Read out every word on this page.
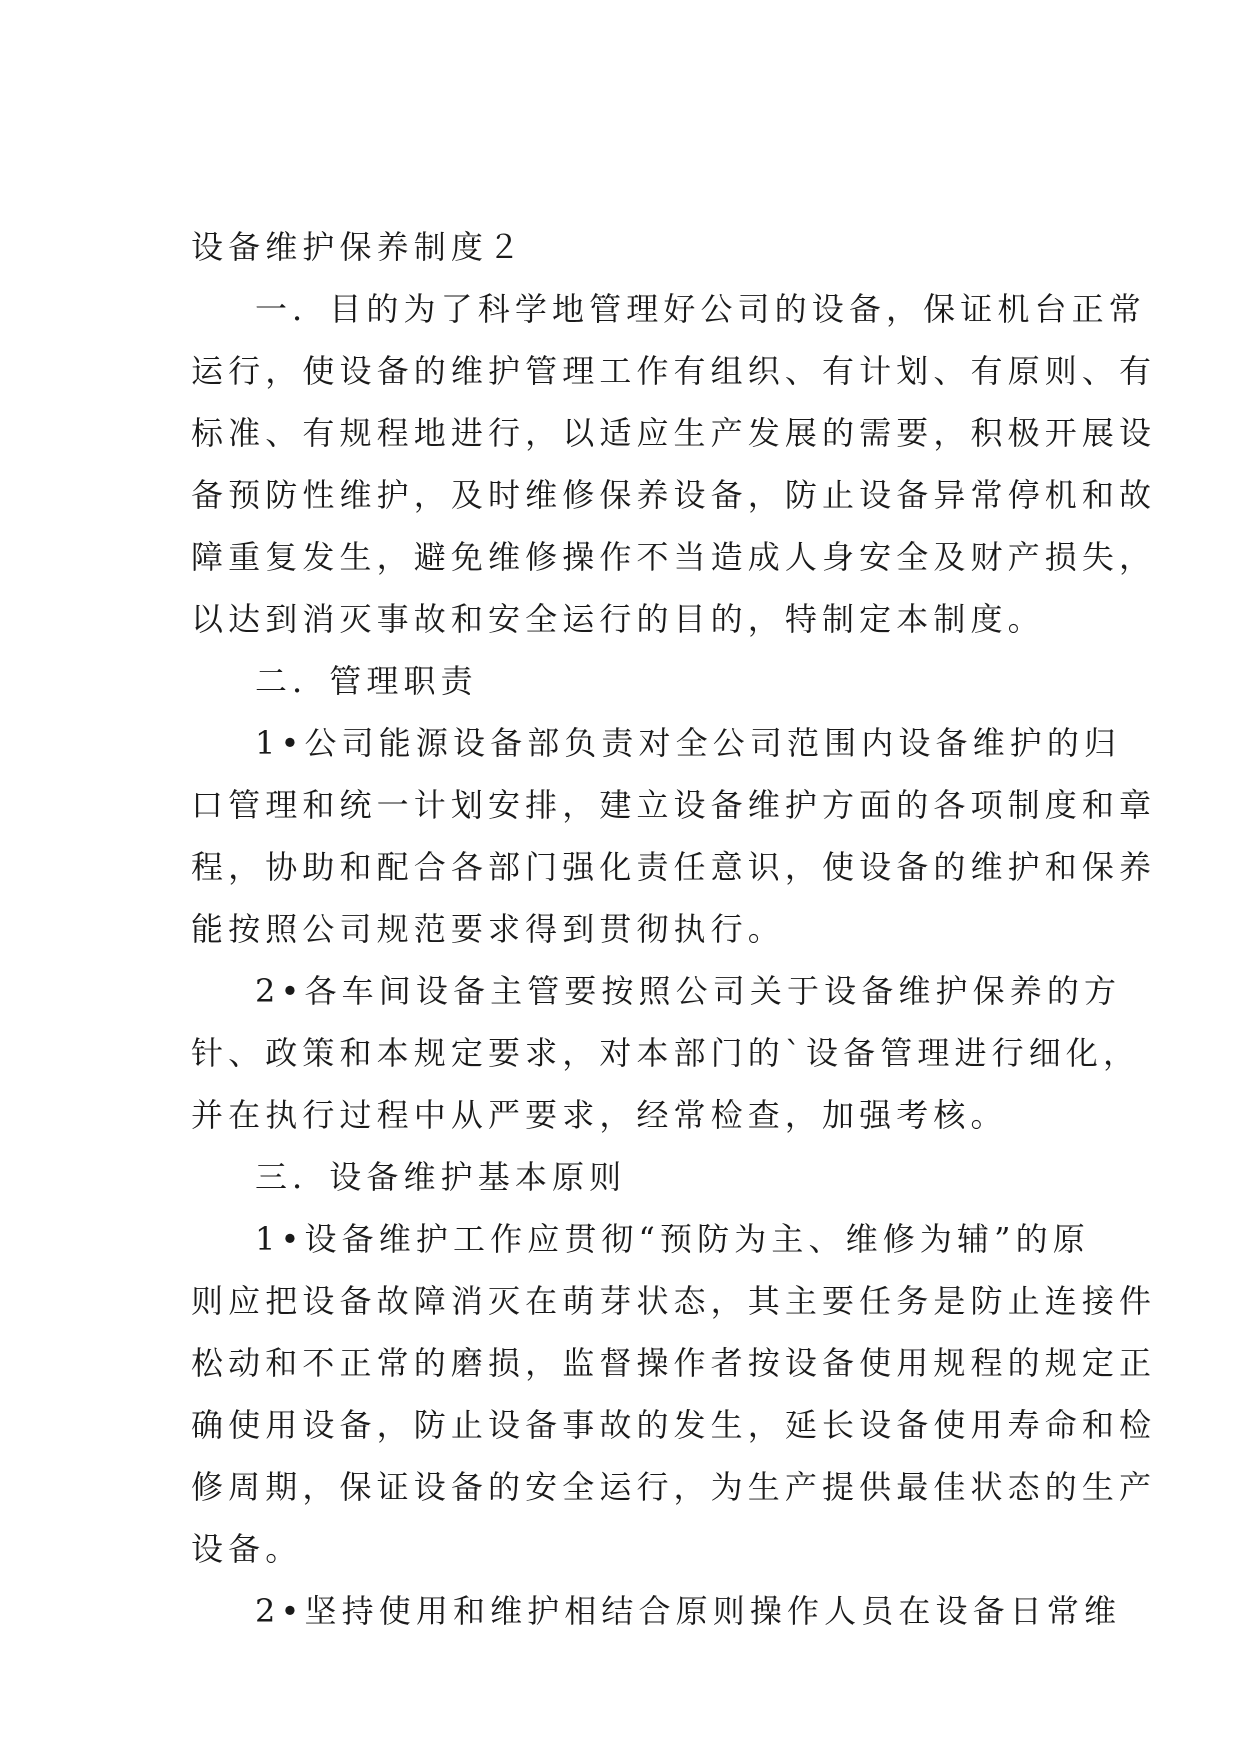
设备维护保养制度２
一．目的为了科学地管理好公司的设备，保证机台正常
运行，使设备的维护管理工作有组织、有计划、有原则、有
标准、有规程地进行，以适应生产发展的需要，积极开展设
备预防性维护，及时维修保养设备，防止设备异常停机和故
障重复发生，避免维修操作不当造成人身安全及财产损失，
以达到消灭事故和安全运行的目的，特制定本制度。
二．管理职责
1•公司能源设备部负责对全公司范围内设备维护的归
口管理和统一计划安排，建立设备维护方面的各项制度和章
程，协助和配合各部门强化责任意识，使设备的维护和保养
能按照公司规范要求得到贯彻执行。
2•各车间设备主管要按照公司关于设备维护保养的方
针、政策和本规定要求，对本部门的`设备管理进行细化，
并在执行过程中从严要求，经常检查，加强考核。
三．设备维护基本原则
1•设备维护工作应贯彻“预防为主、维修为辅”的原
则应把设备故障消灭在萌芽状态，其主要任务是防止连接件
松动和不正常的磨损，监督操作者按设备使用规程的规定正
确使用设备，防止设备事故的发生，延长设备使用寿命和检
修周期，保证设备的安全运行，为生产提供最佳状态的生产
设备。
2•坚持使用和维护相结合原则操作人员在设备日常维
